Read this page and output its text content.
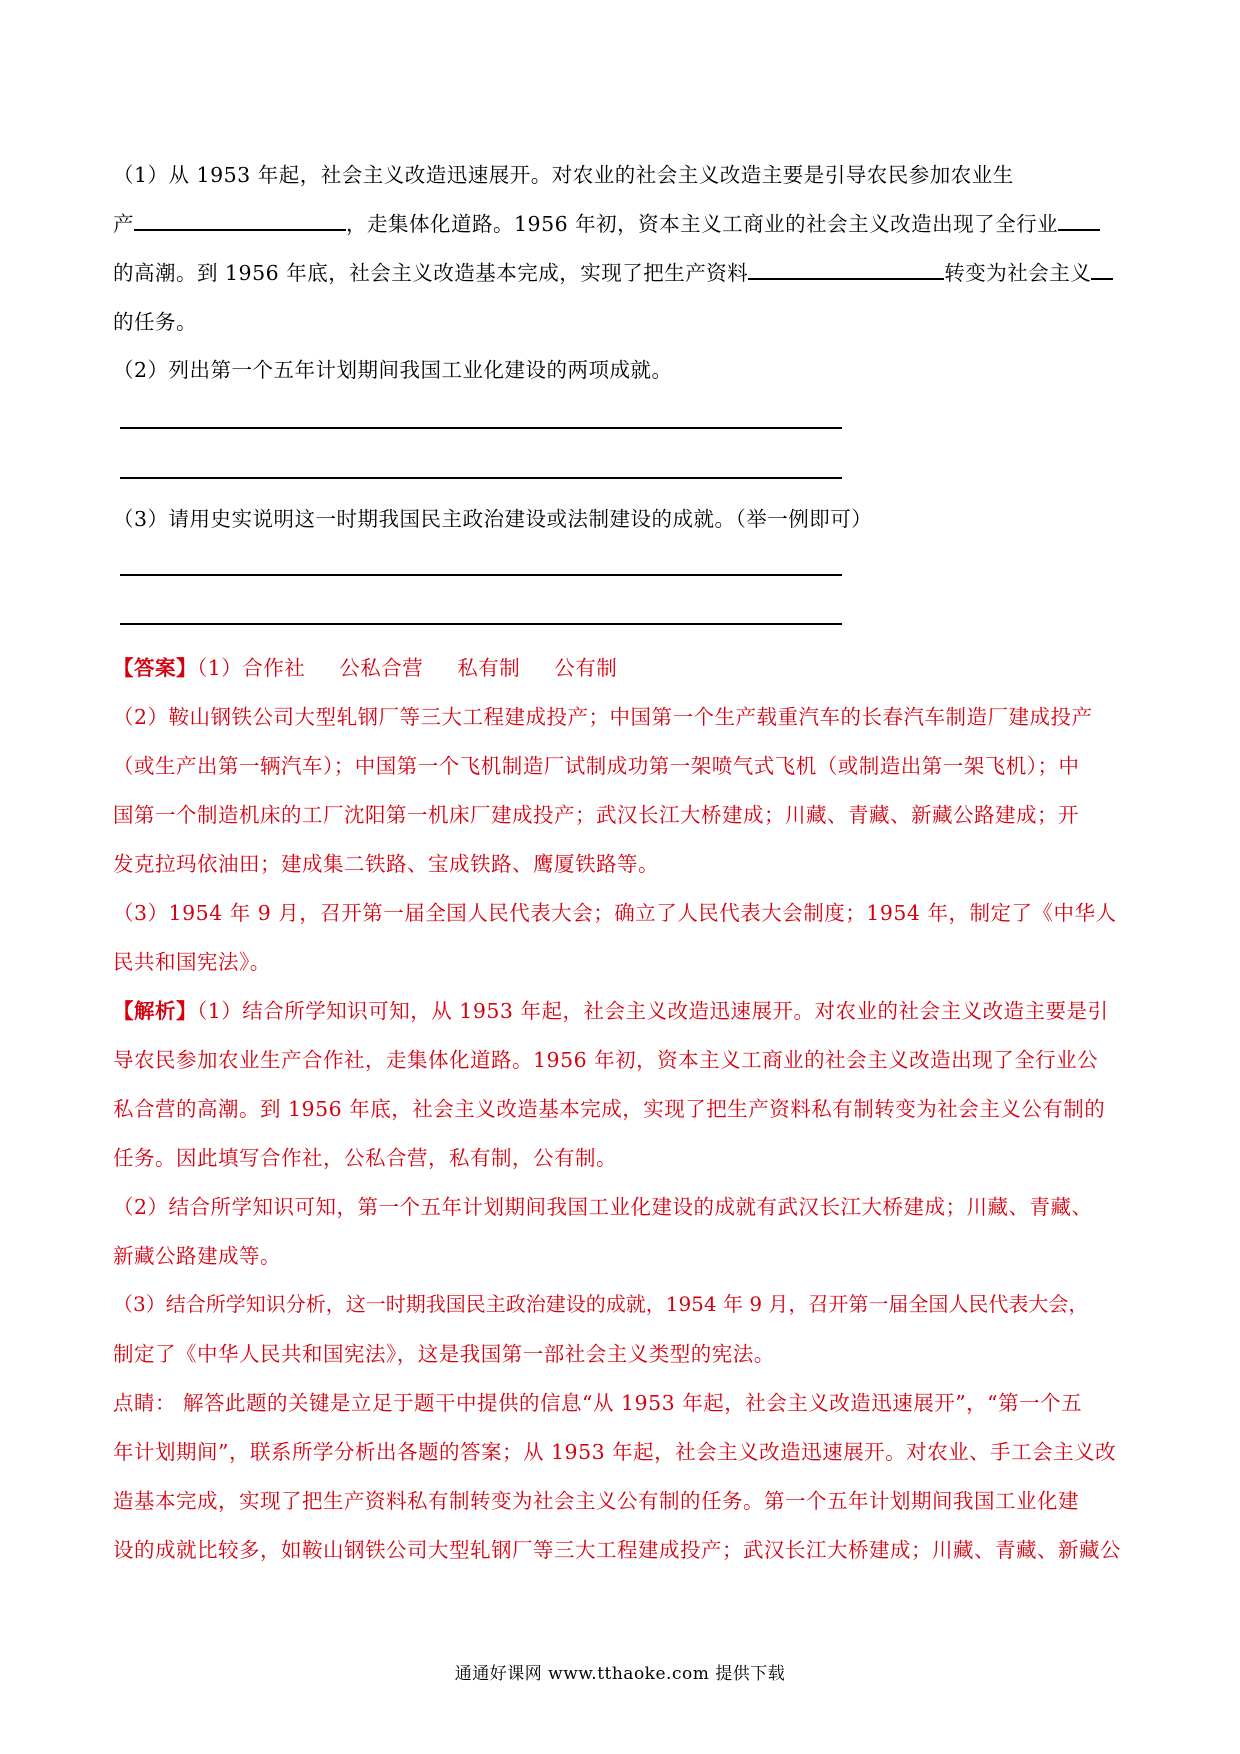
（1）从 1953 年起，社会主义改造迅速展开。对农业的社会主义改造主要是引导农民参加农业生
产	，走集体化道路。1956 年初，资本主义工商业的社会主义改造出现了全行业
的高潮。到 1956 年底，社会主义改造基本完成，实现了把生产资料	转变为社会主义
的任务。
（2）列出第一个五年计划期间我国工业化建设的两项成就。
（3）请用史实说明这一时期我国民主政治建设或法制建设的成就。（举一例即可）
【答案】（1）合作社 公私合营 私有制 公有制
（2）鞍山钢铁公司大型轧钢厂等三大工程建成投产；中国第一个生产载重汽车的长春汽车制造厂建成投产
（或生产出第一辆汽车）；中国第一个飞机制造厂试制成功第一架喷气式飞机（或制造出第一架飞机）；中
国第一个制造机床的工厂沈阳第一机床厂建成投产；武汉长江大桥建成；川藏、青藏、新藏公路建成；开
发克拉玛依油田；建成集二铁路、宝成铁路、鹰厦铁路等。
（3）1954 年 9 月，召开第一届全国人民代表大会；确立了人民代表大会制度；1954 年，制定了《中华人
民共和国宪法》。
【解析】（1）结合所学知识可知，从 1953 年起，社会主义改造迅速展开。对农业的社会主义改造主要是引
导农民参加农业生产合作社，走集体化道路。1956 年初，资本主义工商业的社会主义改造出现了全行业公
私合营的高潮。到 1956 年底，社会主义改造基本完成，实现了把生产资料私有制转变为社会主义公有制的
任务。因此填写合作社，公私合营，私有制，公有制。
（2）结合所学知识可知，第一个五年计划期间我国工业化建设的成就有武汉长江大桥建成；川藏、青藏、
新藏公路建成等。
（3）结合所学知识分析，这一时期我国民主政治建设的成就，1954 年 9 月，召开第一届全国人民代表大会，
制定了《中华人民共和国宪法》，这是我国第一部社会主义类型的宪法。
点睛： 解答此题的关键是立足于题干中提供的信息“从 1953 年起，社会主义改造迅速展开”，“第一个五
年计划期间”，联系所学分析出各题的答案；从 1953 年起，社会主义改造迅速展开。对农业、手工会主义改
造基本完成，实现了把生产资料私有制转变为社会主义公有制的任务。第一个五年计划期间我国工业化建
设的成就比较多，如鞍山钢铁公司大型轧钢厂等三大工程建成投产；武汉长江大桥建成；川藏、青藏、新藏公
通通好课网 www.tthaoke.com 提供下载
